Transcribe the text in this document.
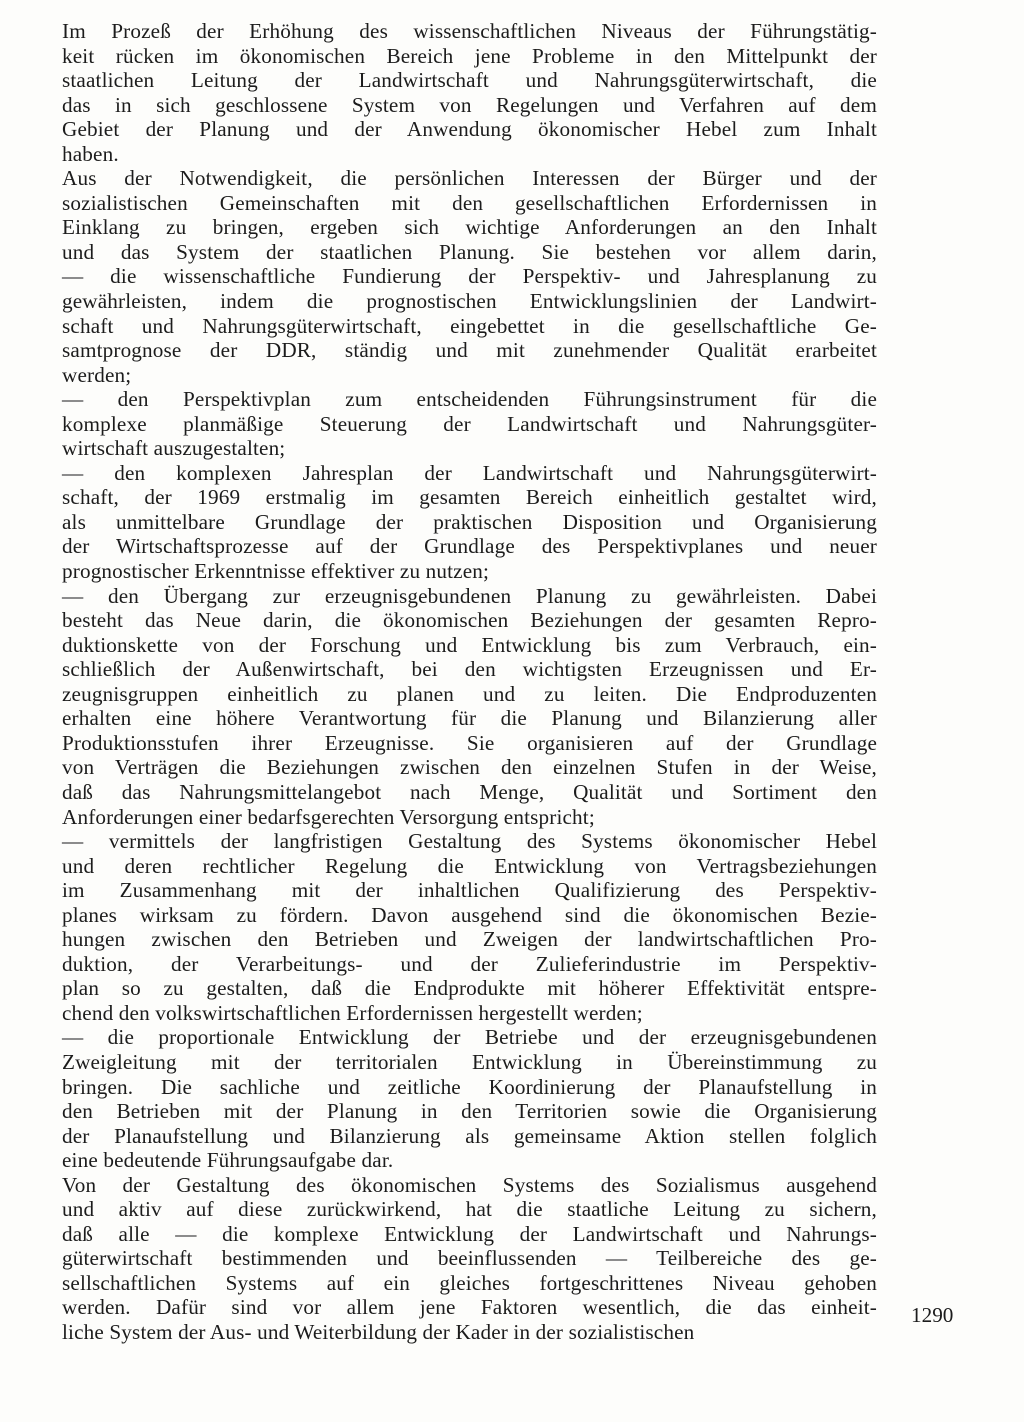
Im Prozeß der Erhöhung des wissenschaftlichen Niveaus der Führungstätig-
keit rücken im ökonomischen Bereich jene Probleme in den Mittelpunkt der
staatlichen Leitung der Landwirtschaft und Nahrungsgüterwirtschaft, die
das in sich geschlossene System von Regelungen und Verfahren auf dem
Gebiet der Planung und der Anwendung ökonomischer Hebel zum Inhalt
haben.
Aus der Notwendigkeit, die persönlichen Interessen der Bürger und der
sozialistischen Gemeinschaften mit den gesellschaftlichen Erfordernissen in
Einklang zu bringen, ergeben sich wichtige Anforderungen an den Inhalt
und das System der staatlichen Planung. Sie bestehen vor allem darin,
— die wissenschaftliche Fundierung der Perspektiv- und Jahresplanung zu
gewährleisten, indem die prognostischen Entwicklungslinien der Landwirt-
schaft und Nahrungsgüterwirtschaft, eingebettet in die gesellschaftliche Ge-
samtprognose der DDR, ständig und mit zunehmender Qualität erarbeitet
werden;
— den Perspektivplan zum entscheidenden Führungsinstrument für die
komplexe planmäßige Steuerung der Landwirtschaft und Nahrungsgüter-
wirtschaft auszugestalten;
— den komplexen Jahresplan der Landwirtschaft und Nahrungsgüterwirt-
schaft, der 1969 erstmalig im gesamten Bereich einheitlich gestaltet wird,
als unmittelbare Grundlage der praktischen Disposition und Organisierung
der Wirtschaftsprozesse auf der Grundlage des Perspektivplanes und neuer
prognostischer Erkenntnisse effektiver zu nutzen;
— den Übergang zur erzeugnisgebundenen Planung zu gewährleisten. Dabei
besteht das Neue darin, die ökonomischen Beziehungen der gesamten Repro-
duktionskette von der Forschung und Entwicklung bis zum Verbrauch, ein-
schließlich der Außenwirtschaft, bei den wichtigsten Erzeugnissen und Er-
zeugnisgruppen einheitlich zu planen und zu leiten. Die Endproduzenten
erhalten eine höhere Verantwortung für die Planung und Bilanzierung aller
Produktionsstufen ihrer Erzeugnisse. Sie organisieren auf der Grundlage
von Verträgen die Beziehungen zwischen den einzelnen Stufen in der Weise,
daß das Nahrungsmittelangebot nach Menge, Qualität und Sortiment den
Anforderungen einer bedarfsgerechten Versorgung entspricht;
— vermittels der langfristigen Gestaltung des Systems ökonomischer Hebel
und deren rechtlicher Regelung die Entwicklung von Vertragsbeziehungen
im Zusammenhang mit der inhaltlichen Qualifizierung des Perspektiv-
planes wirksam zu fördern. Davon ausgehend sind die ökonomischen Bezie-
hungen zwischen den Betrieben und Zweigen der landwirtschaftlichen Pro-
duktion, der Verarbeitungs- und der Zulieferindustrie im Perspektiv-
plan so zu gestalten, daß die Endprodukte mit höherer Effektivität entspre-
chend den volkswirtschaftlichen Erfordernissen hergestellt werden;
— die proportionale Entwicklung der Betriebe und der erzeugnisgebundenen
Zweigleitung mit der territorialen Entwicklung in Übereinstimmung zu
bringen. Die sachliche und zeitliche Koordinierung der Planaufstellung in
den Betrieben mit der Planung in den Territorien sowie die Organisierung
der Planaufstellung und Bilanzierung als gemeinsame Aktion stellen folglich
eine bedeutende Führungsaufgabe dar.
Von der Gestaltung des ökonomischen Systems des Sozialismus ausgehend
und aktiv auf diese zurückwirkend, hat die staatliche Leitung zu sichern,
daß alle — die komplexe Entwicklung der Landwirtschaft und Nahrungs-
güterwirtschaft bestimmenden und beeinflussenden — Teilbereiche des ge-
sellschaftlichen Systems auf ein gleiches fortgeschrittenes Niveau gehoben
werden. Dafür sind vor allem jene Faktoren wesentlich, die das einheit-
liche System der Aus- und Weiterbildung der Kader in der sozialistischen
1290
